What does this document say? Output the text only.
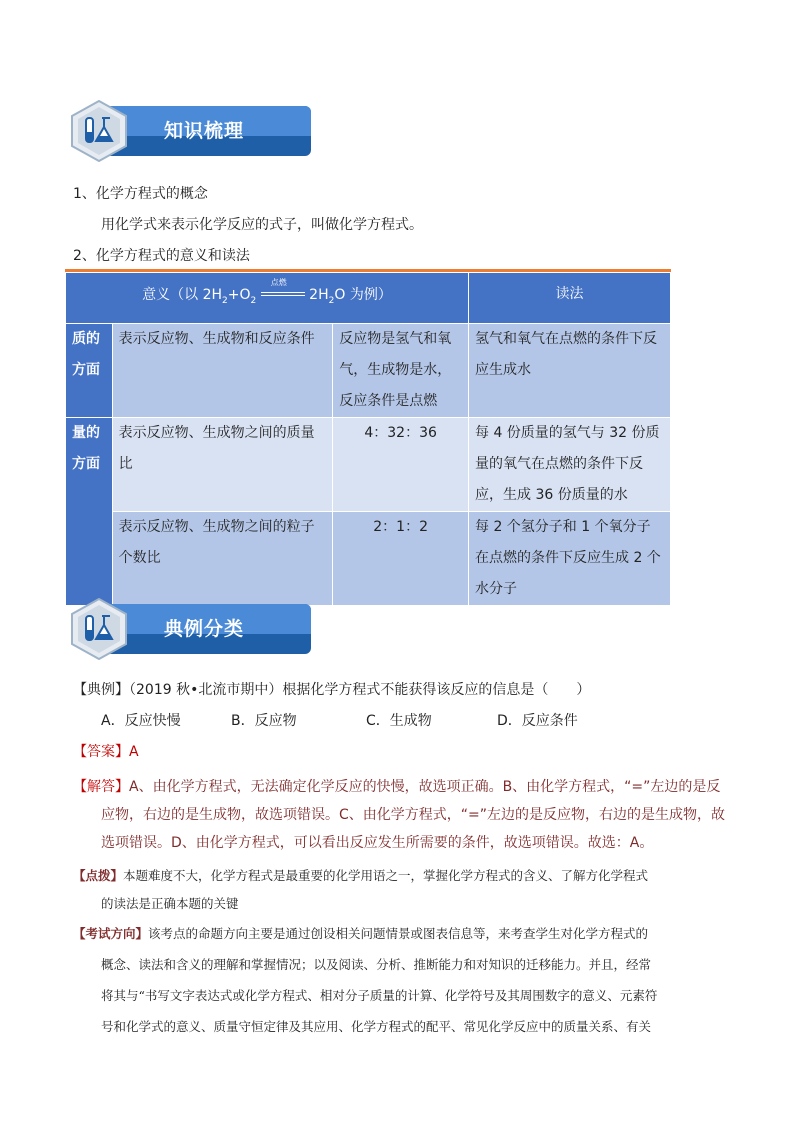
知识梳理
1、化学方程式的概念
用化学式来表示化学反应的式子，叫做化学方程式。
2、化学方程式的意义和读法
意义（以 $2H_2+O_2$
点燃
$2H_2O$ 为例）			读法
质的方面	表示反应物、生成物和反应条件	反应物是氢气和氧气，生成物是水，反应条件是点燃	氢气和氧气在点燃的条件下反应生成水
量的方面	表示反应物、生成物之间的质量比	4：32：36	每 4 份质量的氢气与 32 份质量的氧气在点燃的条件下反应，生成 36 份质量的水
	表示反应物、生成物之间的粒子个数比	2：1：2	每 2 个氢分子和 1 个氧分子在点燃的条件下反应生成 2 个水分子
典例分类
【典例】（2019 秋•北流市期中）根据化学方程式不能获得该反应的信息是（　　）
A．反应快慢	B．反应物	C．生成物	D．反应条件
【答案】A
【解答】A、由化学方程式，无法确定化学反应的快慢，故选项正确。B、由化学方程式，“=”左边的是反
应物，右边的是生成物，故选项错误。C、由化学方程式，“=”左边的是反应物，右边的是生成物，故
选项错误。D、由化学方程式，可以看出反应发生所需要的条件，故选项错误。故选：A。
【点拨】本题难度不大，化学方程式是最重要的化学用语之一，掌握化学方程式的含义、了解方化学程式
的读法是正确本题的关键
【考试方向】该考点的命题方向主要是通过创设相关问题情景或图表信息等，来考查学生对化学方程式的
概念、读法和含义的理解和掌握情况；以及阅读、分析、推断能力和对知识的迁移能力。并且，经常
将其与“书写文字表达式或化学方程式、相对分子质量的计算、化学符号及其周围数字的意义、元素符
号和化学式的意义、质量守恒定律及其应用、化学方程式的配平、常见化学反应中的质量关系、有关
